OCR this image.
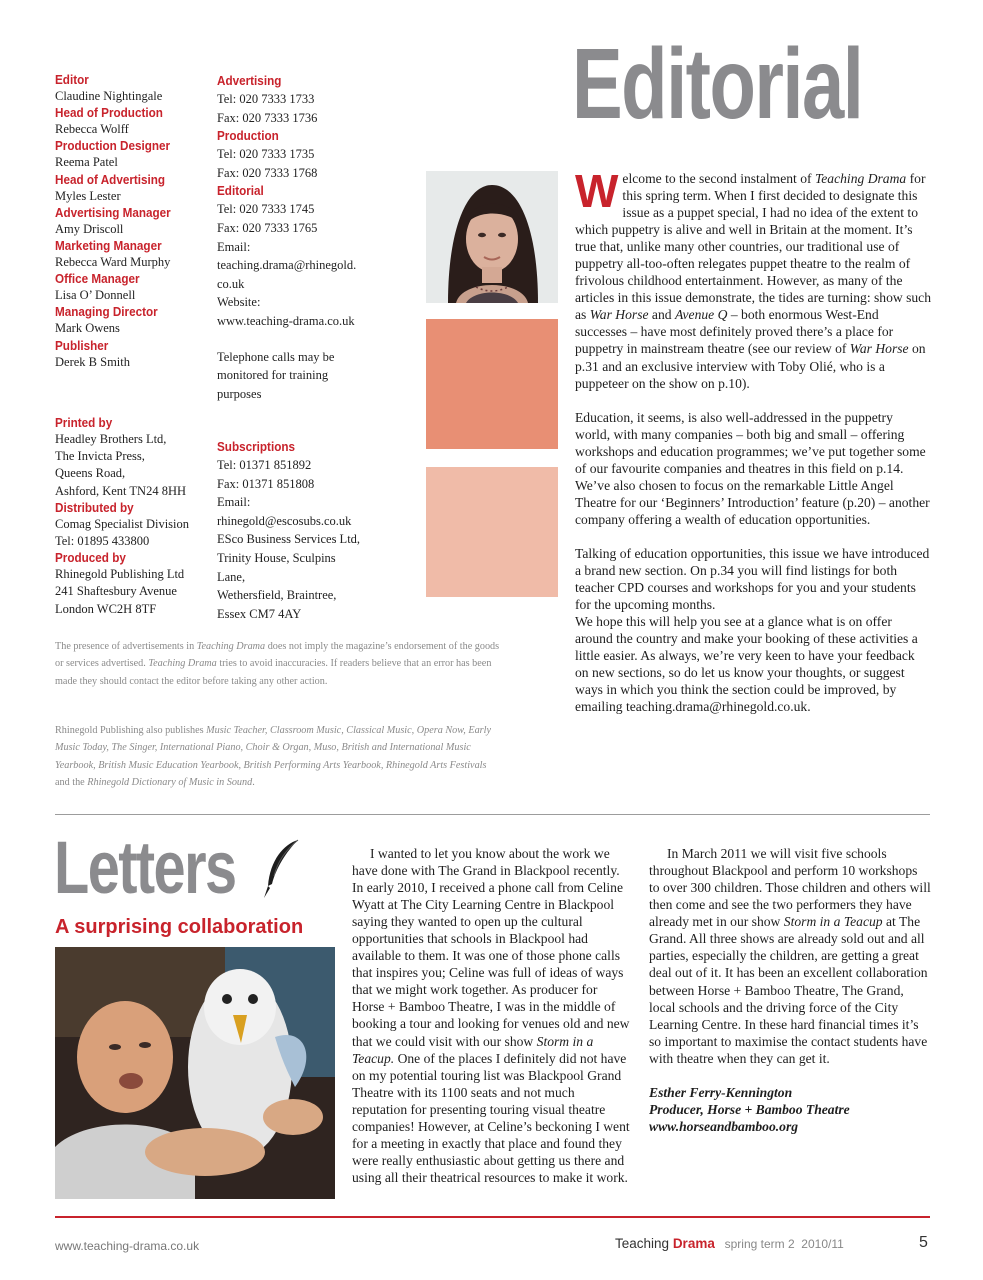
Editor
Claudine Nightingale
Head of Production
Rebecca Wolff
Production Designer
Reema Patel
Head of Advertising
Myles Lester
Advertising Manager
Amy Driscoll
Marketing Manager
Rebecca Ward Murphy
Office Manager
Lisa O’ Donnell
Managing Director
Mark Owens
Publisher
Derek B Smith
Printed by
Headley Brothers Ltd,
The Invicta Press,
Queens Road,
Ashford, Kent TN24 8HH
Distributed by
Comag Specialist Division
Tel: 01895 433800
Produced by
Rhinegold Publishing Ltd
241 Shaftesbury Avenue
London WC2H 8TF
Advertising
Tel: 020 7333 1733
Fax: 020 7333 1736
Production
Tel: 020 7333 1735
Fax: 020 7333 1768
Editorial
Tel: 020 7333 1745
Fax: 020 7333 1765
Email:
teaching.drama@rhinegold.
co.uk
Website:
www.teaching-drama.co.uk
Telephone calls may be
monitored for training
purposes
Subscriptions
Tel: 01371 851892
Fax: 01371 851808
Email:
rhinegold@escosubs.co.uk
ESco Business Services Ltd,
Trinity House, Sculpins
Lane,
Wethersfield, Braintree,
Essex CM7 4AY
The presence of advertisements in Teaching Drama does not imply the magazine’s endorsement of the goods or services advertised. Teaching Drama tries to avoid inaccuracies. If readers believe that an error has been made they should contact the editor before taking any other action.
Rhinegold Publishing also publishes Music Teacher, Classroom Music, Classical Music, Opera Now, Early Music Today, The Singer, International Piano, Choir & Organ, Muso, British and International Music Yearbook, British Music Education Yearbook, British Performing Arts Yearbook, Rhinegold Arts Festivals and the Rhinegold Dictionary of Music in Sound.
Editorial

Welcome to the second instalment of Teaching Drama for this spring term. When I first decided to designate this issue as a puppet special, I had no idea of the extent to which puppetry is alive and well in Britain at the moment. It’s true that, unlike many other countries, our traditional use of puppetry all-too-often relegates puppet theatre to the realm of frivolous childhood entertainment. However, as many of the articles in this issue demonstrate, the tides are turning: show such as War Horse and Avenue Q – both enormous West-End successes – have most definitely proved there’s a place for puppetry in mainstream theatre (see our review of War Horse on p.31 and an exclusive interview with Toby Olié, who is a puppeteer on the show on p.10).

Education, it seems, is also well-addressed in the puppetry world, with many companies – both big and small – offering workshops and education programmes; we’ve put together some of our favourite companies and theatres in this field on p.14. We’ve also chosen to focus on the remarkable Little Angel Theatre for our ‘Beginners’ Introduction’ feature (p.20) – another company offering a wealth of education opportunities.

Talking of education opportunities, this issue we have introduced a brand new section. On p.34 you will find listings for both teacher CPD courses and workshops for you and your students for the upcoming months.

We hope this will help you see at a glance what is on offer around the country and make your booking of these activities a little easier. As always, we’re very keen to have your feedback on new sections, so do let us know your thoughts, or suggest ways in which you think the section could be improved, by emailing teaching.drama@rhinegold.co.uk.

Letters
A surprising collaboration

I wanted to let you know about the work we have done with The Grand in Blackpool recently. In early 2010, I received a phone call from Celine Wyatt at The City Learning Centre in Blackpool saying they wanted to open up the cultural opportunities that schools in Blackpool had available to them. It was one of those phone calls that inspires you; Celine was full of ideas of ways that we might work together. As producer for Horse + Bamboo Theatre, I was in the middle of booking a tour and looking for venues old and new that we could visit with our show Storm in a Teacup. One of the places I definitely did not have on my potential touring list was Blackpool Grand Theatre with its 1100 seats and not much reputation for presenting touring visual theatre companies! However, at Celine’s beckoning I went for a meeting in exactly that place and found they were really enthusiastic about getting us there and using all their theatrical resources to make it work.

In March 2011 we will visit five schools throughout Blackpool and perform 10 workshops to over 300 children. Those children and others will then come and see the two performers they have already met in our show Storm in a Teacup at The Grand. All three shows are already sold out and all parties, especially the children, are getting a great deal out of it. It has been an excellent collaboration between Horse + Bamboo Theatre, The Grand, local schools and the driving force of the City Learning Centre. In these hard financial times it’s so important to maximise the contact students have with theatre when they can get it.

Esther Ferry-Kennington
Producer, Horse + Bamboo Theatre
www.horseandbamboo.org
www.teaching-drama.co.uk	Teaching Drama spring term 2  2010/11	5
